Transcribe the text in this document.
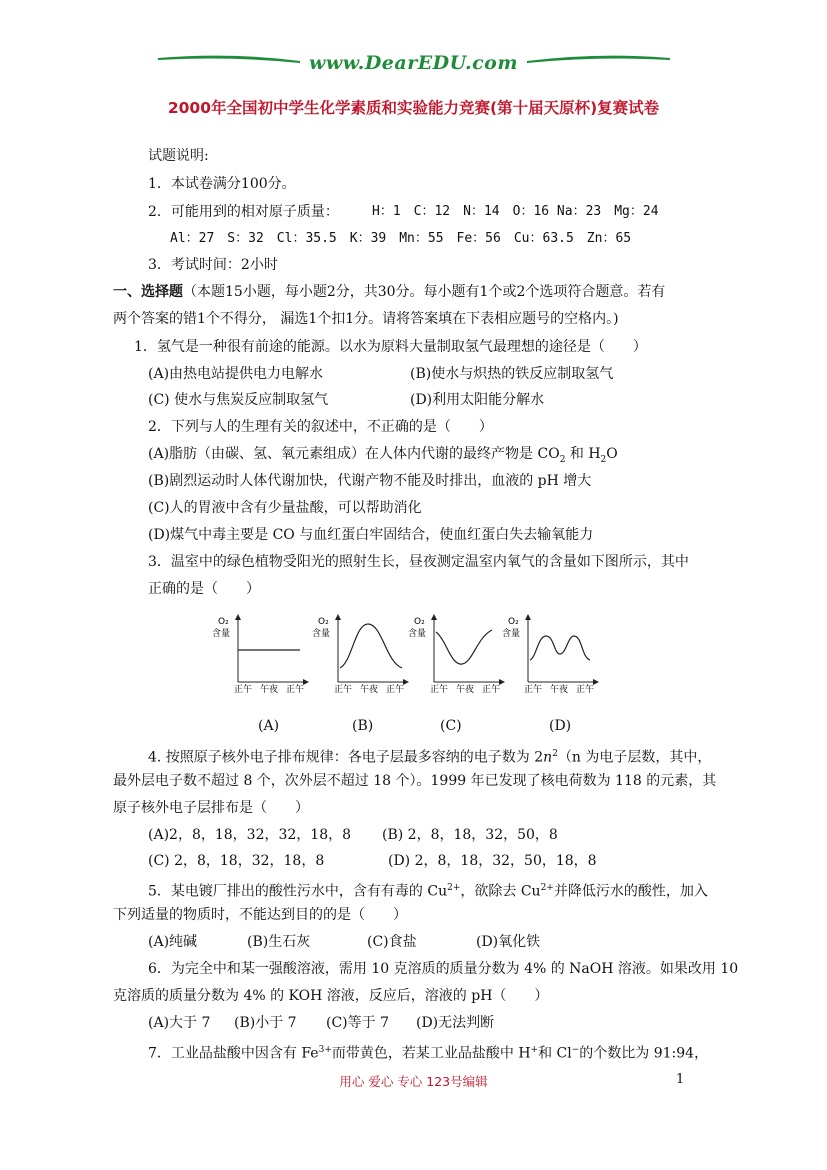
www.DearEDU.com
2000年全国初中学生化学素质和实验能力竞赛(第十届天原杯)复赛试卷
试题说明:
1．本试卷满分100分。
2．可能用到的相对原子质量：	H：1　C：12　N：14　O：16 Na：23　Mg：24
Al：27　S：32　Cl：35.5　K：39　Mn：55　Fe：56　Cu：63.5　Zn：65
3．考试时间：2小时
一、选择题（本题15小题，每小题2分，共30分。每小题有1个或2个选项符合题意。若有
两个答案的错1个不得分， 漏选1个扣1分。请将答案填在下表相应题号的空格内。)
1．氢气是一种很有前途的能源。以水为原料大量制取氢气最理想的途径是（　　）
(A)由热电站提供电力电解水	(B)使水与炽热的铁反应制取氢气
(C) 使水与焦炭反应制取氢气	(D)利用太阳能分解水
2．下列与人的生理有关的叙述中，不正确的是（　　）
(A)脂肪（由碳、氢、氧元素组成）在人体内代谢的最终产物是 $CO_2$ 和 $H_2O$
(B)剧烈运动时人体代谢加快，代谢产物不能及时排出，血液的 pH 增大
(C)人的胃液中含有少量盐酸，可以帮助消化
(D)煤气中毒主要是 CO 与血红蛋白牢固结合，使血红蛋白失去输氧能力
3．温室中的绿色植物受阳光的照射生长，昼夜测定温室内氧气的含量如下图所示，其中
正确的是（　　）
O₂
含量
正午 午夜 正午
O₂
含量
正午 午夜 正午
O₂
含量
正午 午夜 正午
O₂
含量
正午 午夜 正午
(A)	(B)	(C)	(D)
4. 按照原子核外电子排布规律：各电子层最多容纳的电子数为 $2n^2(n$ 为电子层数，其中，
最外层电子数不超过 8 个，次外层不超过 18 个）。1999 年已发现了核电荷数为 118 的元素，其
原子核外电子层排布是（　　）
(A)2，8，18，32，32，18，8 (B) 2，8，18，32，50，8
(C) 2，8，18，32，18，8	(D) 2，8，18，32，50，18，8
5．某电镀厂排出的酸性污水中，含有有毒的 $Cu^{2+}$，欲除去 $Cu^{2+}$并降低污水的酸性，加入
下列适量的物质时，不能达到目的的是（　　）
(A)纯碱	(B)生石灰	(C)食盐	(D)氧化铁
6．为完全中和某一强酸溶液，需用 10 克溶质的质量分数为 4% 的 NaOH 溶液。如果改用 10
克溶质的质量分数为 4% 的 KOH 溶液，反应后，溶液的 pH（　　）
(A)大于 7 (B)小于 7 (C)等于 7 (D)无法判断
7．工业品盐酸中因含有 $Fe^{3+}$而带黄色，若某工业品盐酸中 H+和 Cl−的个数比为 91:94，
用心 爱心 专心 123号编辑	1
